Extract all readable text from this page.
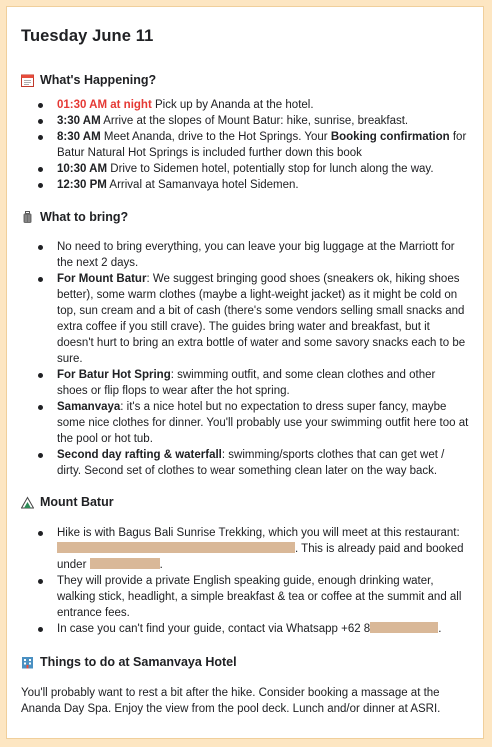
Tuesday June 11
What's Happening?
01:30 AM at night Pick up by Ananda at the hotel.
3:30 AM Arrive at the slopes of Mount Batur: hike, sunrise, breakfast.
8:30 AM Meet Ananda, drive to the Hot Springs. Your Booking confirmation for Batur Natural Hot Springs is included further down this book
10:30 AM Drive to Sidemen hotel, potentially stop for lunch along the way.
12:30 PM Arrival at Samanvaya hotel Sidemen.
What to bring?
No need to bring everything, you can leave your big luggage at the Marriott for the next 2 days.
For Mount Batur: We suggest bringing good shoes (sneakers ok, hiking shoes better), some warm clothes (maybe a light-weight jacket) as it might be cold on top, sun cream and a bit of cash (there's some vendors selling small snacks and extra coffee if you still crave). The guides bring water and breakfast, but it doesn't hurt to bring an extra bottle of water and some savory snacks each to be sure.
For Batur Hot Spring: swimming outfit, and some clean clothes and other shoes or flip flops to wear after the hot spring.
Samanvaya: it's a nice hotel but no expectation to dress super fancy, maybe some nice clothes for dinner. You'll probably use your swimming outfit here too at the pool or hot tub.
Second day rafting & waterfall: swimming/sports clothes that can get wet / dirty. Second set of clothes to wear something clean later on the way back.
Mount Batur
Hike is with Bagus Bali Sunrise Trekking, which you will meet at this restaurant: . This is already paid and booked under	.
They will provide a private English speaking guide, enough drinking water, walking stick, headlight, a simple breakfast & tea or coffee at the summit and all entrance fees.
In case you can't find your guide, contact via Whatsapp +62 8	.
Things to do at Samanvaya Hotel

You'll probably want to rest a bit after the hike. Consider booking a massage at the Ananda Day Spa. Enjoy the view from the pool deck. Lunch and/or dinner at ASRI.
